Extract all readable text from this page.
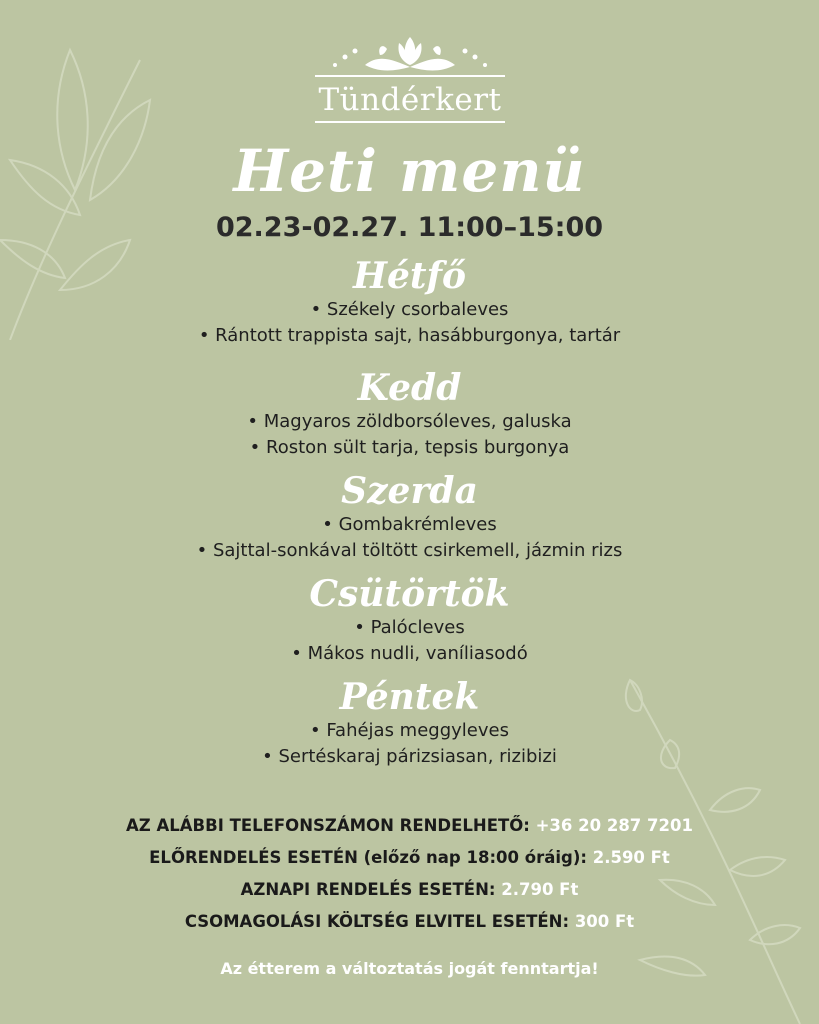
Tündérkert
Heti menü
02.23-02.27. 11:00–15:00
Hétfő
• Székely csorbaleves
• Rántott trappista sajt, hasábburgonya, tartár
Kedd
• Magyaros zöldborsóleves, galuska
• Roston sült tarja, tepsis burgonya
Szerda
• Gombakrémleves
• Sajttal-sonkával töltött csirkemell, jázmin rizs
Csütörtök
• Palócleves
• Mákos nudli, vaníliasodó
Péntek
• Fahéjas meggyleves
• Sertéskaraj párizsiasan, rizibizi
AZ ALÁBBI TELEFONSZÁMON RENDELHETŐ: +36 20 287 7201
ELŐRENDELÉS ESETÉN (előző nap 18:00 óráig): 2.590 Ft
AZNAPI RENDELÉS ESETÉN: 2.790 Ft
CSOMAGOLÁSI KÖLTSÉG ELVITEL ESETÉN: 300 Ft
Az étterem a változtatás jogát fenntartja!
